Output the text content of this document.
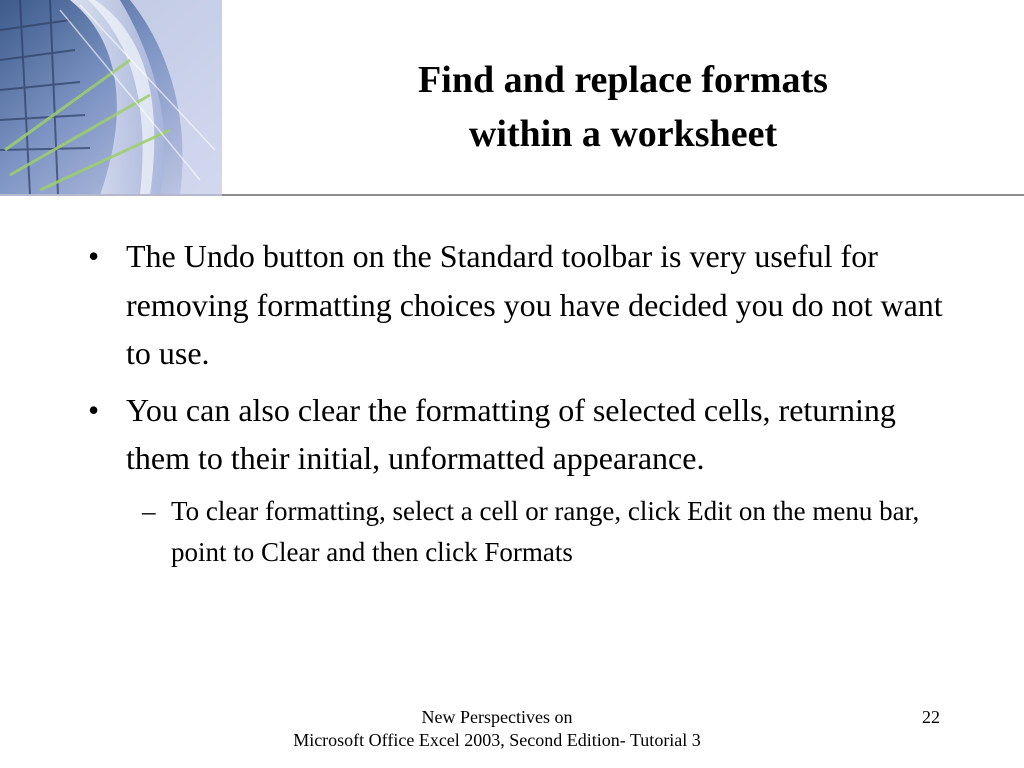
Find and replace formats
within a worksheet
• The Undo button on the Standard toolbar is very useful for removing formatting choices you have decided you do not want to use.
• You can also clear the formatting of selected cells, returning them to their initial, unformatted appearance.
– To clear formatting, select a cell or range, click Edit on the menu bar, point to Clear and then click Formats
New Perspectives on
Microsoft Office Excel 2003, Second Edition- Tutorial 3
22
